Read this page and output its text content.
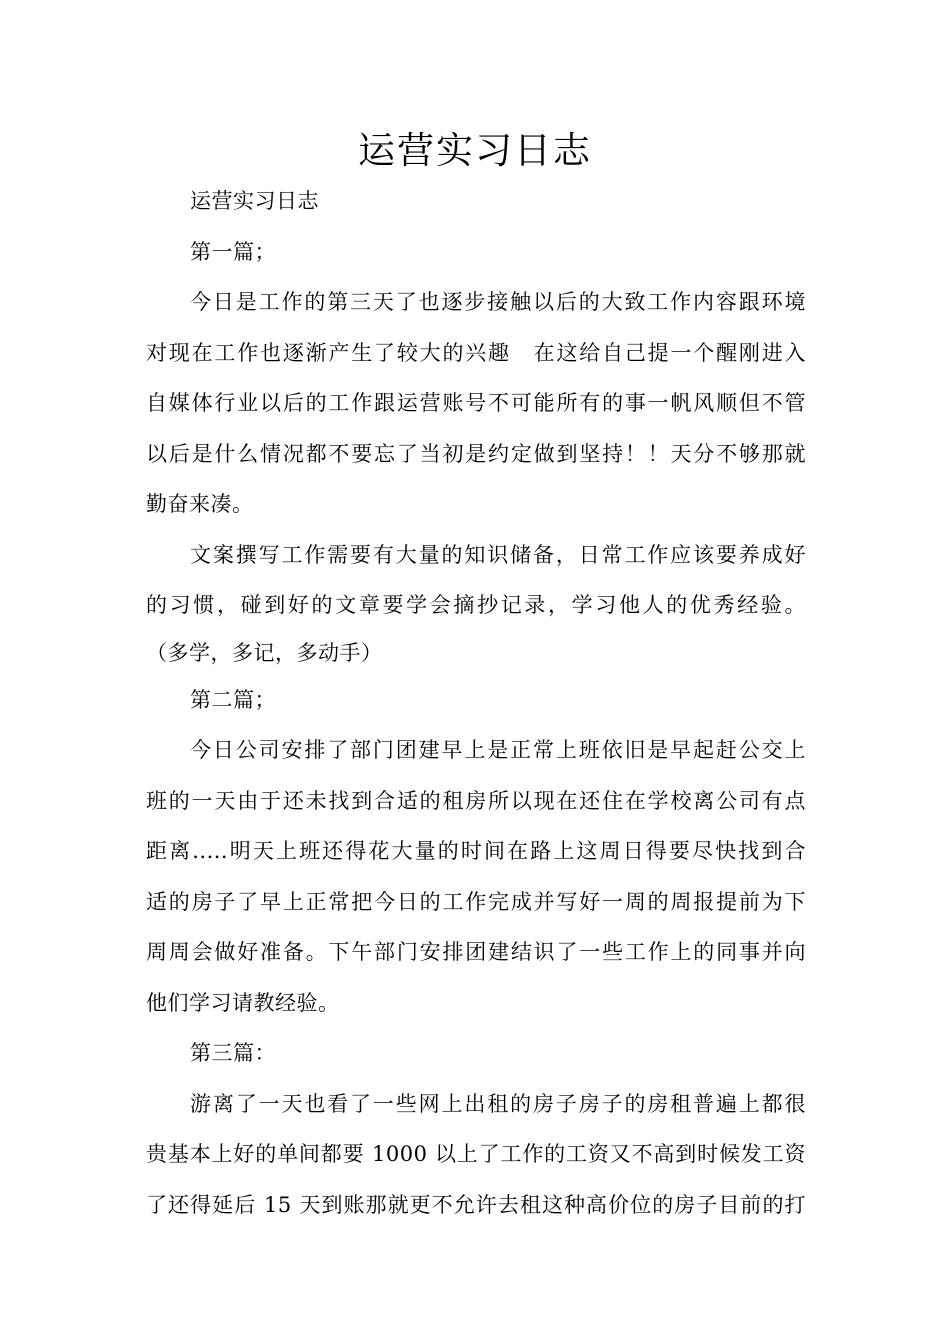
运营实习日志
运营实习日志
第一篇；
今日是工作的第三天了也逐步接触以后的大致工作内容跟环境
对现在工作也逐渐产生了较大的兴趣　在这给自己提一个醒刚进入
自媒体行业以后的工作跟运营账号不可能所有的事一帆风顺但不管
以后是什么情况都不要忘了当初是约定做到坚持！！天分不够那就
勤奋来凑。
文案撰写工作需要有大量的知识储备，日常工作应该要养成好
的习惯，碰到好的文章要学会摘抄记录，学习他人的优秀经验。
（多学，多记，多动手）
第二篇；
今日公司安排了部门团建早上是正常上班依旧是早起赶公交上
班的一天由于还未找到合适的租房所以现在还住在学校离公司有点
距离.....明天上班还得花大量的时间在路上这周日得要尽快找到合
适的房子了早上正常把今日的工作完成并写好一周的周报提前为下
周周会做好准备。下午部门安排团建结识了一些工作上的同事并向
他们学习请教经验。
第三篇：
游离了一天也看了一些网上出租的房子房子的房租普遍上都很
贵基本上好的单间都要 1000 以上了工作的工资又不高到时候发工资
了还得延后 15 天到账那就更不允许去租这种高价位的房子目前的打
